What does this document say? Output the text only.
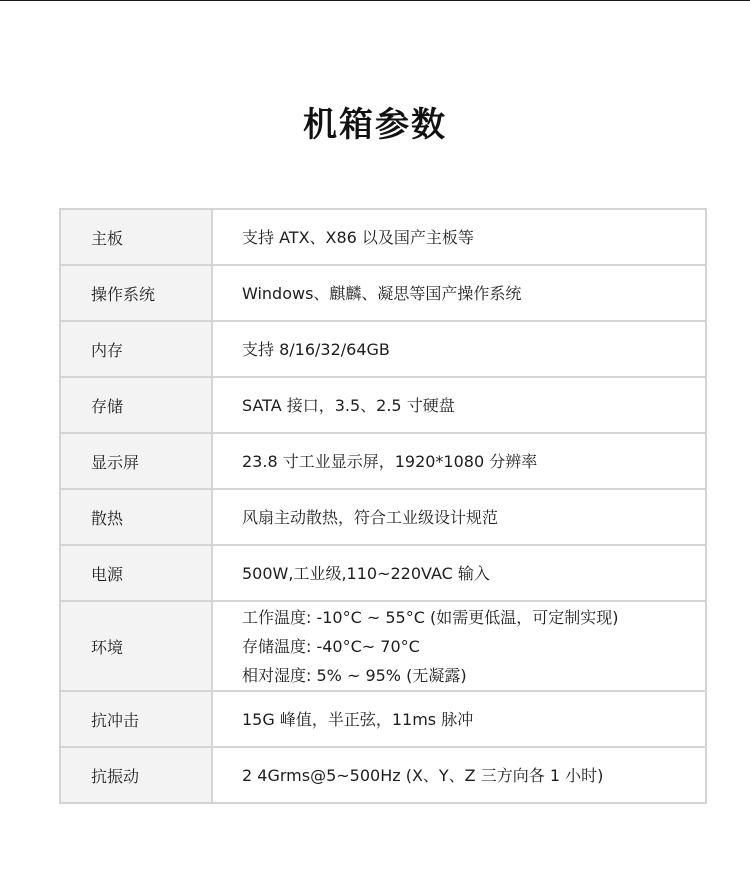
机箱参数
主板	支持 ATX、X86 以及国产主板等

操作系统	Windows、麒麟、凝思等国产操作系统

内存	支持 8/16/32/64GB

存储	SATA 接口，3.5、2.5 寸硬盘

显示屏	23.8 寸工业显示屏，1920*1080 分辨率

散热	风扇主动散热，符合工业级设计规范

电源	500W,工业级,110~220VAC 输入

环境	工作温度: -10°C ~ 55°C (如需更低温，可定制实现)
存储温度: -40°C~ 70°C
相对湿度: 5% ~ 95% (无凝露)

抗冲击	15G 峰值，半正弦，11ms 脉冲

抗振动	2 4Grms@5~500Hz (X、Y、Z 三方向各 1 小时)
